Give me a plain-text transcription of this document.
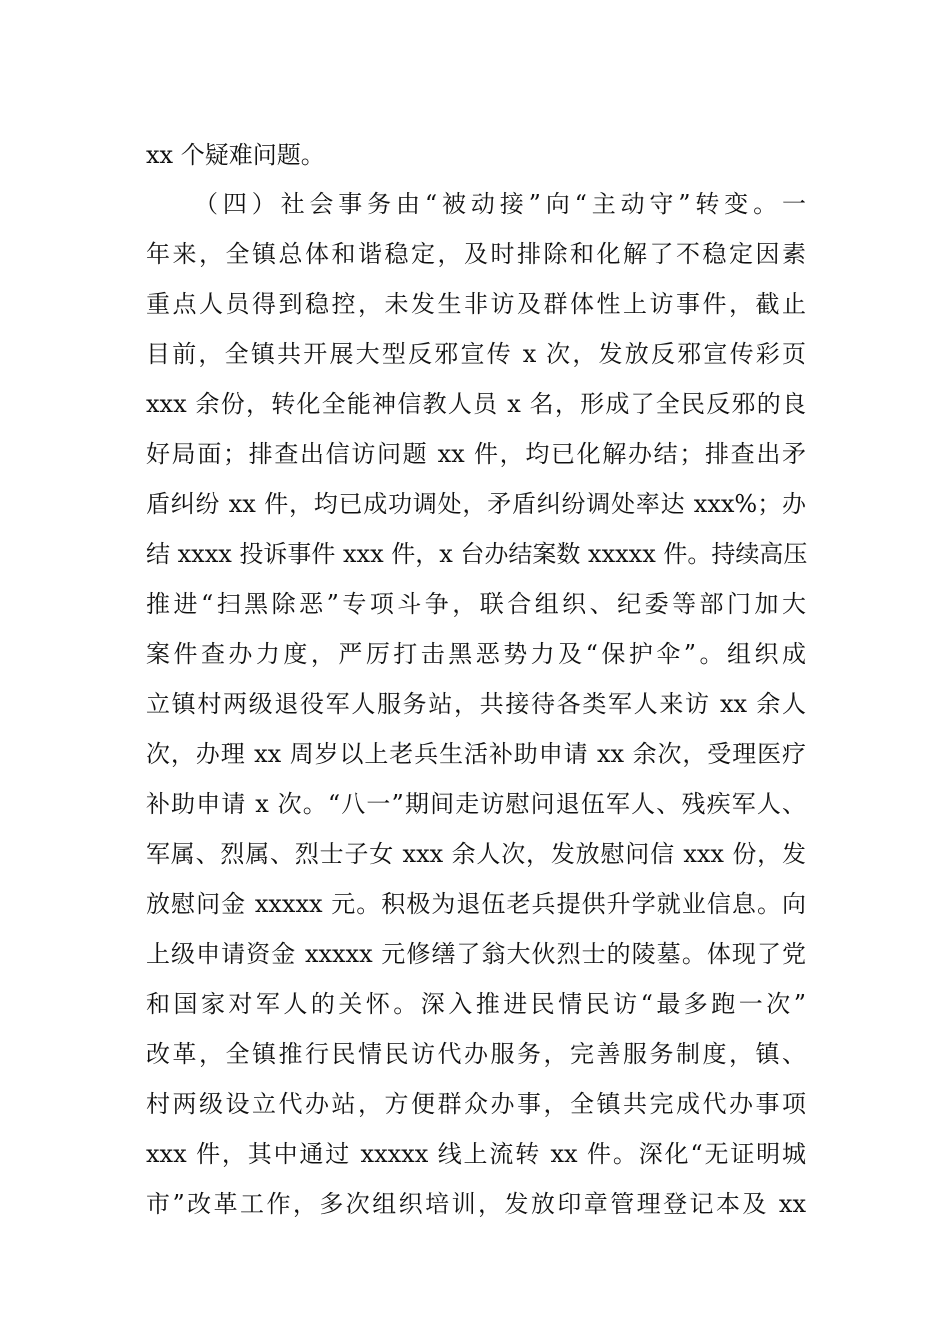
xx 个疑难问题。
（四）社会事务由“被动接”向“主动守”转变。一
年来，全镇总体和谐稳定，及时排除和化解了不稳定因素
重点人员得到稳控，未发生非访及群体性上访事件，截止
目前，全镇共开展大型反邪宣传 x 次，发放反邪宣传彩页
xxx 余份，转化全能神信教人员 x 名，形成了全民反邪的良
好局面；排查出信访问题 xx 件，均已化解办结；排查出矛
盾纠纷 xx 件，均已成功调处，矛盾纠纷调处率达 xxx%；办
结 xxxx 投诉事件 xxx 件，x 台办结案数 xxxxx 件。持续高压
推进“扫黑除恶”专项斗争，联合组织、纪委等部门加大
案件查办力度，严厉打击黑恶势力及“保护伞”。组织成
立镇村两级退役军人服务站，共接待各类军人来访 xx 余人
次，办理 xx 周岁以上老兵生活补助申请 xx 余次，受理医疗
补助申请 x 次。“八一”期间走访慰问退伍军人、残疾军人、
军属、烈属、烈士子女 xxx 余人次，发放慰问信 xxx 份，发
放慰问金 xxxxx 元。积极为退伍老兵提供升学就业信息。向
上级申请资金 xxxxx 元修缮了翁大伙烈士的陵墓。体现了党
和国家对军人的关怀。深入推进民情民访“最多跑一次”
改革，全镇推行民情民访代办服务，完善服务制度，镇、
村两级设立代办站，方便群众办事，全镇共完成代办事项
xxx 件，其中通过 xxxxx 线上流转 xx 件。深化“无证明城
市”改革工作，多次组织培训，发放印章管理登记本及 xx
